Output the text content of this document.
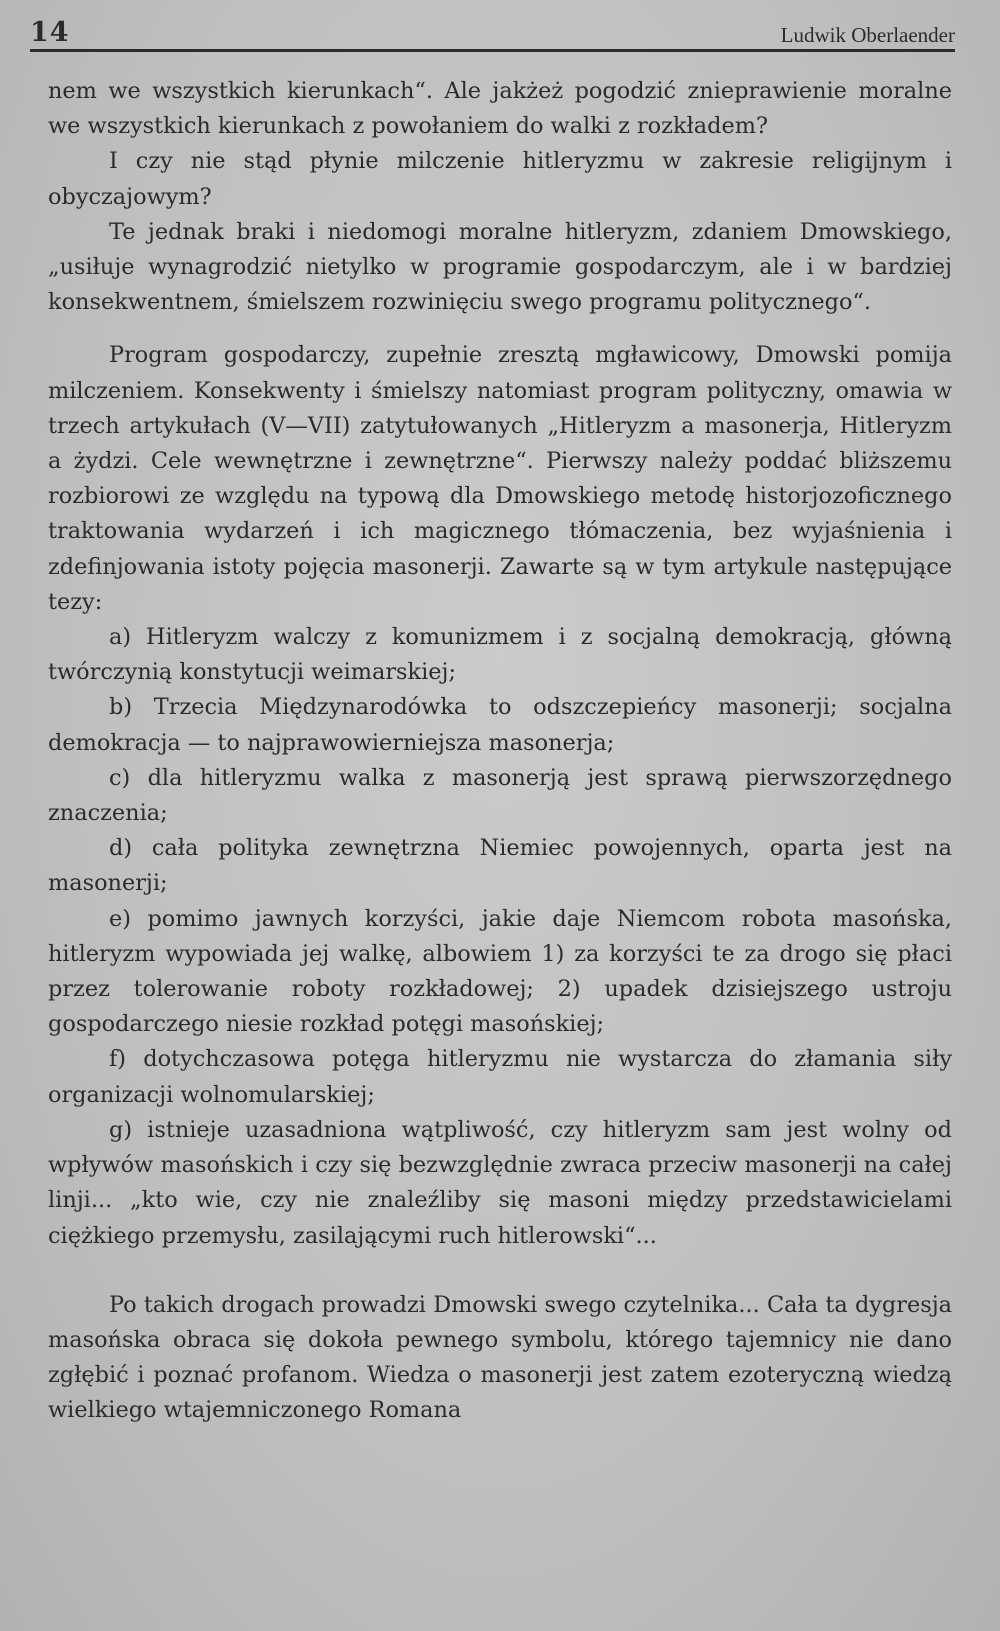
14	Ludwik Oberlaender

nem we wszystkich kierunkach“. Ale jakżeż pogodzić znieprawienie moralne we wszystkich kierunkach z powołaniem do walki z rozkładem?

I czy nie stąd płynie milczenie hitleryzmu w zakresie religijnym i obyczajowym?

Te jednak braki i niedomogi moralne hitleryzm, zdaniem Dmowskiego, „usiłuje wynagrodzić nietylko w programie gospodarczym, ale i w bardziej konsekwentnem, śmielszem rozwinięciu swego programu politycznego“.

Program gospodarczy, zupełnie zresztą mgławicowy, Dmowski pomija milczeniem. Konsekwenty i śmielszy natomiast program polityczny, omawia w trzech artykułach (V—VII) zatytułowanych „Hitleryzm a masonerja, Hitleryzm a żydzi. Cele wewnętrzne i zewnętrzne“. Pierwszy należy poddać bliższemu rozbiorowi ze względu na typową dla Dmowskiego metodę historjozoficznego traktowania wydarzeń i ich magicznego tłómaczenia, bez wyjaśnienia i zdefinjowania istoty pojęcia masonerji. Zawarte są w tym artykule następujące tezy:

a) Hitleryzm walczy z komunizmem i z socjalną demokracją, główną twórczynią konstytucji weimarskiej;

b) Trzecia Międzynarodówka to odszczepieńcy masonerji; socjalna demokracja — to najprawowierniejsza masonerja;

c) dla hitleryzmu walka z masonerją jest sprawą pierwszorzędnego znaczenia;

d) cała polityka zewnętrzna Niemiec powojennych, oparta jest na masonerji;

e) pomimo jawnych korzyści, jakie daje Niemcom robota masońska, hitleryzm wypowiada jej walkę, albowiem 1) za korzyści te za drogo się płaci przez tolerowanie roboty rozkładowej; 2) upadek dzisiejszego ustroju gospodarczego niesie rozkład potęgi masońskiej;

f) dotychczasowa potęga hitleryzmu nie wystarcza do złamania siły organizacji wolnomularskiej;

g) istnieje uzasadniona wątpliwość, czy hitleryzm sam jest wolny od wpływów masońskich i czy się bezwzględnie zwraca przeciw masonerji na całej linji... „kto wie, czy nie znaleźliby się masoni między przedstawicielami ciężkiego przemysłu, zasilającymi ruch hitlerowski“...

Po takich drogach prowadzi Dmowski swego czytelnika... Cała ta dygresja masońska obraca się dokoła pewnego symbolu, którego tajemnicy nie dano zgłębić i poznać profanom. Wiedza o masonerji jest zatem ezoteryczną wiedzą wielkiego wtajemniczonego Romana
